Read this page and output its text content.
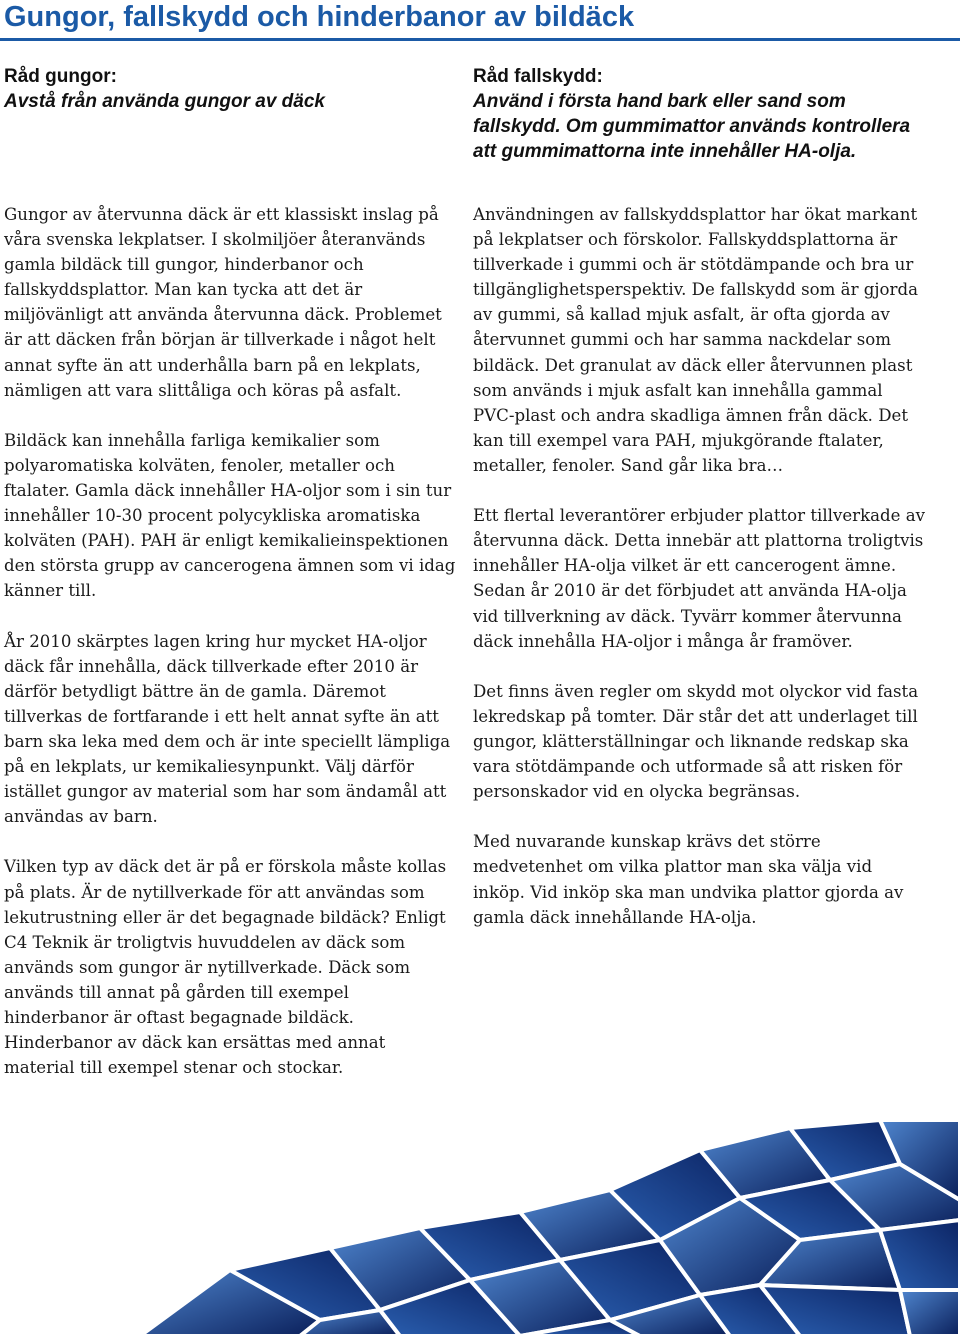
Gungor, fallskydd och hinderbanor av bildäck
Råd gungor:
Avstå från använda gungor av däck
Råd fallskydd:
Använd i första hand bark eller sand som fallskydd. Om gummimattor används kontrollera att gummimattorna inte innehåller HA-olja.

Gungor av återvunna däck är ett klassiskt inslag på våra svenska lekplatser. I skolmiljöer återanvänds gamla bildäck till gungor, hinderbanor och fallskyddsplattor. Man kan tycka att det är miljövänligt att använda återvunna däck. Problemet är att däcken från början är tillverkade i något helt annat syfte än att underhålla barn på en lekplats, nämligen att vara slittåliga och köras på asfalt.

Bildäck kan innehålla farliga kemikalier som polyaromatiska kolväten, fenoler, metaller och ftalater. Gamla däck innehåller HA-oljor som i sin tur innehåller 10-30 procent polycykliska aromatiska kolväten (PAH). PAH är enligt kemikalieinspektionen den största grupp av cancerogena ämnen som vi idag känner till.

År 2010 skärptes lagen kring hur mycket HA-oljor däck får innehålla, däck tillverkade efter 2010 är därför betydligt bättre än de gamla. Däremot tillverkas de fortfarande i ett helt annat syfte än att barn ska leka med dem och är inte speciellt lämpliga på en lekplats, ur kemikaliesynpunkt. Välj därför istället gungor av material som har som ändamål att användas av barn.

Vilken typ av däck det är på er förskola måste kollas på plats. Är de nytillverkade för att användas som lekutrustning eller är det begagnade bildäck? Enligt C4 Teknik är troligtvis huvuddelen av däck som används som gungor är nytillverkade. Däck som används till annat på gården till exempel hinderbanor är oftast begagnade bildäck. Hinderbanor av däck kan ersättas med annat material till exempel stenar och stockar.

Användningen av fallskyddsplattor har ökat markant på lekplatser och förskolor. Fallskyddsplattorna är tillverkade i gummi och är stötdämpande och bra ur tillgänglighetsperspektiv. De fallskydd som är gjorda av gummi, så kallad mjuk asfalt, är ofta gjorda av återvunnet gummi och har samma nackdelar som bildäck. Det granulat av däck eller återvunnen plast som används i mjuk asfalt kan innehålla gammal PVC-plast och andra skadliga ämnen från däck. Det kan till exempel vara PAH, mjukgörande ftalater, metaller, fenoler. Sand går lika bra…

Ett flertal leverantörer erbjuder plattor tillverkade av återvunna däck. Detta innebär att plattorna troligtvis innehåller HA-olja vilket är ett cancerogent ämne. Sedan år 2010 är det förbjudet att använda HA-olja vid tillverkning av däck. Tyvärr kommer återvunna däck innehålla HA-oljor i många år framöver.

Det finns även regler om skydd mot olyckor vid fasta lekredskap på tomter. Där står det att underlaget till gungor, klätterställningar och liknande redskap ska vara stötdämpande och utformade så att risken för personskador vid en olycka begränsas.

Med nuvarande kunskap krävs det större medvetenhet om vilka plattor man ska välja vid inköp. Vid inköp ska man undvika plattor gjorda av gamla däck innehållande HA-olja.
